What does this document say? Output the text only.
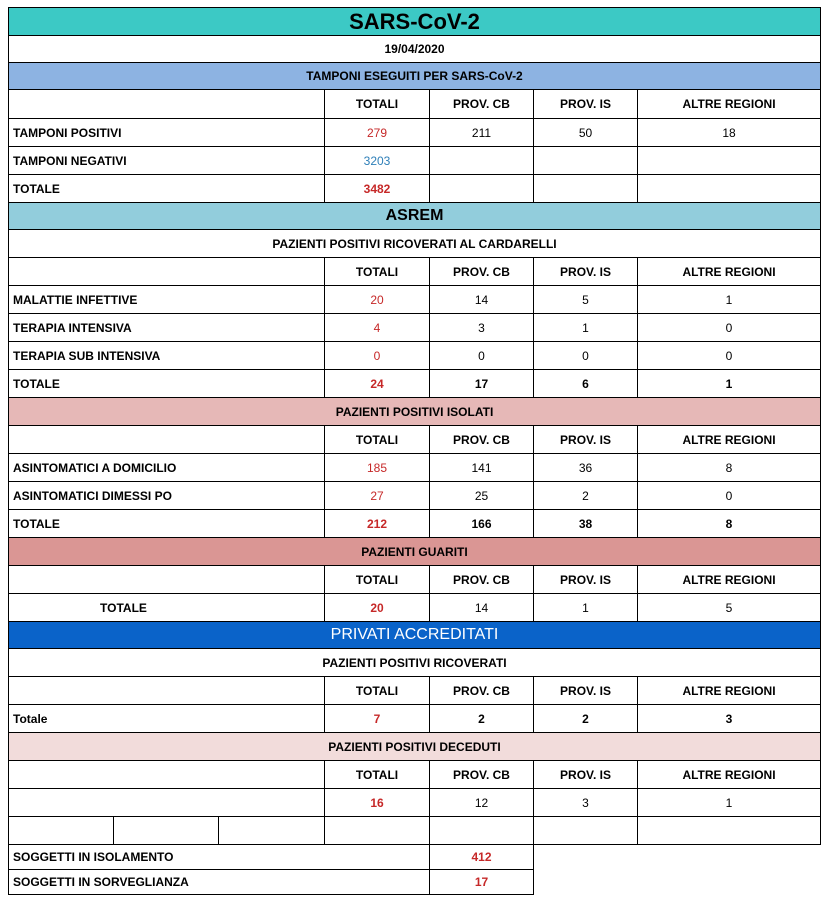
SARS-CoV-2						
19/04/2020						
TAMPONI ESEGUITI PER SARS-CoV-2						
			TOTALI	PROV. CB	PROV. IS	ALTRE REGIONI
TAMPONI POSITIVI			279	211	50	18
TAMPONI NEGATIVI			3203			
TOTALE			3482			
ASREM						
PAZIENTI POSITIVI RICOVERATI AL CARDARELLI						
			TOTALI	PROV. CB	PROV. IS	ALTRE REGIONI
MALATTIE INFETTIVE			20	14	5	1
TERAPIA INTENSIVA			4	3	1	0
TERAPIA SUB INTENSIVA			0	0	0	0
TOTALE			24	17	6	1
PAZIENTI POSITIVI ISOLATI						
			TOTALI	PROV. CB	PROV. IS	ALTRE REGIONI
ASINTOMATICI A DOMICILIO			185	141	36	8
ASINTOMATICI DIMESSI PO			27	25	2	0
TOTALE			212	166	38	8
PAZIENTI GUARITI						
			TOTALI	PROV. CB	PROV. IS	ALTRE REGIONI
TOTALE			20	14	1	5
PRIVATI ACCREDITATI						
PAZIENTI POSITIVI RICOVERATI						
			TOTALI	PROV. CB	PROV. IS	ALTRE REGIONI
Totale			7	2	2	3
PAZIENTI POSITIVI DECEDUTI						
			TOTALI	PROV. CB	PROV. IS	ALTRE REGIONI
			16	12	3	1

SOGGETTI IN ISOLAMENTO				412		
SOGGETTI IN SORVEGLIANZA				17		
